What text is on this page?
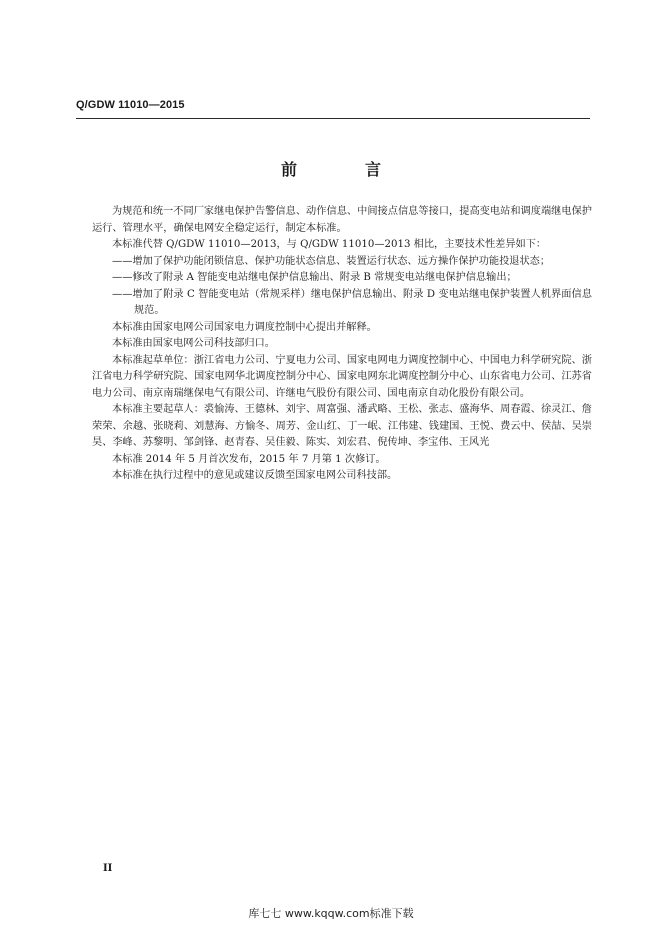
Q/GDW 11010—2015
前　言

为规范和统一不同厂家继电保护告警信息、动作信息、中间接点信息等接口，提高变电站和调度端继电保护运行、管理水平，确保电网安全稳定运行，制定本标准。

本标准代替 Q/GDW 11010—2013，与 Q/GDW 11010—2013 相比，主要技术性差异如下：

——增加了保护功能闭锁信息、保护功能状态信息、装置运行状态、远方操作保护功能投退状态；

——修改了附录 A 智能变电站继电保护信息输出、附录 B 常规变电站继电保护信息输出；

——增加了附录 C 智能变电站（常规采样）继电保护信息输出、附录 D 变电站继电保护装置人机界面信息规范。

本标准由国家电网公司国家电力调度控制中心提出并解释。

本标准由国家电网公司科技部归口。

本标准起草单位：浙江省电力公司、宁夏电力公司、国家电网电力调度控制中心、中国电力科学研究院、浙江省电力科学研究院、国家电网华北调度控制分中心、国家电网东北调度控制分中心、山东省电力公司、江苏省电力公司、南京南瑞继保电气有限公司、许继电气股份有限公司、国电南京自动化股份有限公司。

本标准主要起草人：裘愉涛、王德林、刘宇、周富强、潘武略、王松、张志、盛海华、周春霞、徐灵江、詹荣荣、余越、张晓莉、刘慧海、方愉冬、周芳、金山红、丁一岷、江伟建、钱建国、王悦、费云中、侯喆、吴崇昊、李峰、苏黎明、邹剑锋、赵青春、吴佳毅、陈实、刘宏君、倪传坤、李宝伟、王风光

本标准 2014 年 5 月首次发布，2015 年 7 月第 1 次修订。

本标准在执行过程中的意见或建议反馈至国家电网公司科技部。

II
库七七 www.kqqw.com标准下载
